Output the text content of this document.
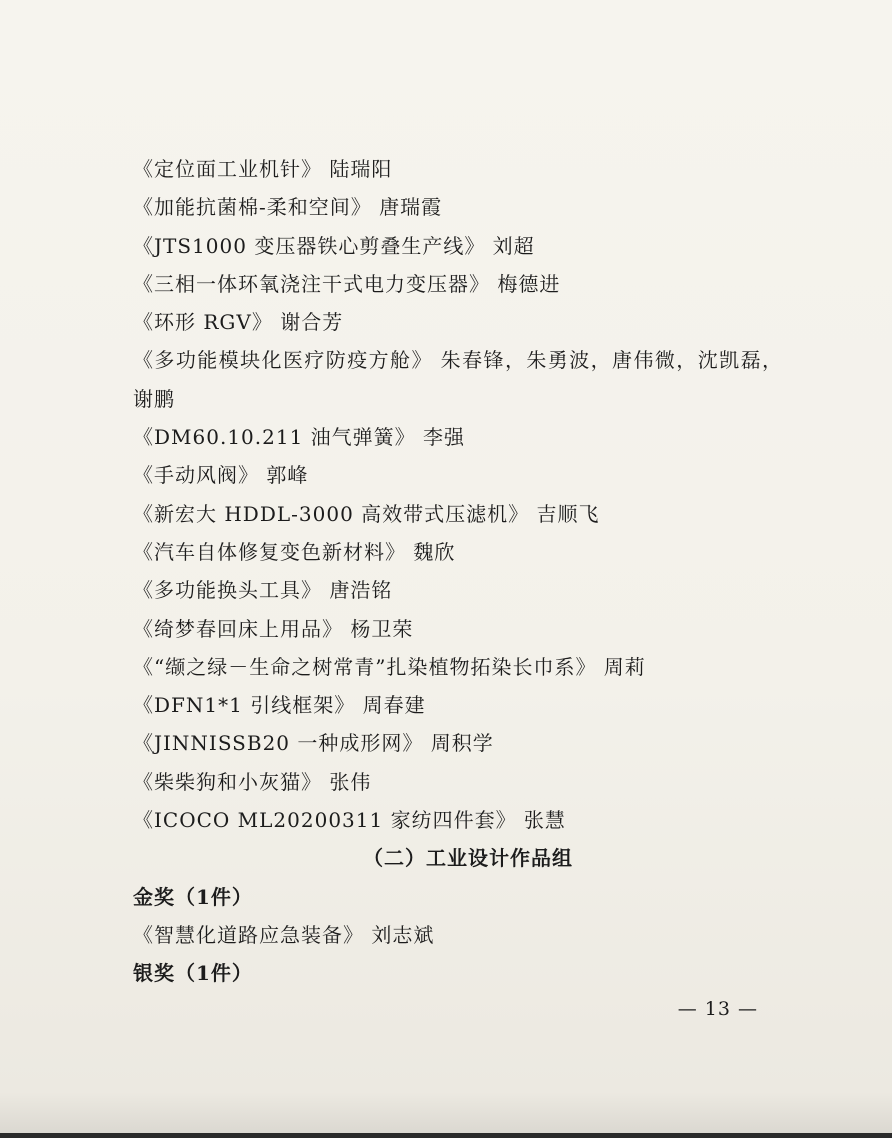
《定位面工业机针》 陆瑞阳
《加能抗菌棉-柔和空间》 唐瑞霞
《JTS1000 变压器铁心剪叠生产线》 刘超
《三相一体环氧浇注干式电力变压器》 梅德进
《环形 RGV》 谢合芳
《多功能模块化医疗防疫方舱》 朱春锋，朱勇波，唐伟微，沈凯磊，谢鹏
《DM60.10.211 油气弹簧》 李强
《手动风阀》 郭峰
《新宏大 HDDL-3000 高效带式压滤机》 吉顺飞
《汽车自体修复变色新材料》 魏欣
《多功能换头工具》 唐浩铭
《绮梦春回床上用品》 杨卫荣
《“缬之绿－生命之树常青”扎染植物拓染长巾系》 周莉
《DFN1*1 引线框架》 周春建
《JINNISSB20 一种成形网》 周积学
《柴柴狗和小灰猫》 张伟
《ICOCO ML20200311 家纺四件套》 张慧
（二）工业设计作品组
金奖（1件）
《智慧化道路应急装备》 刘志斌
银奖（1件）
— 13 —
